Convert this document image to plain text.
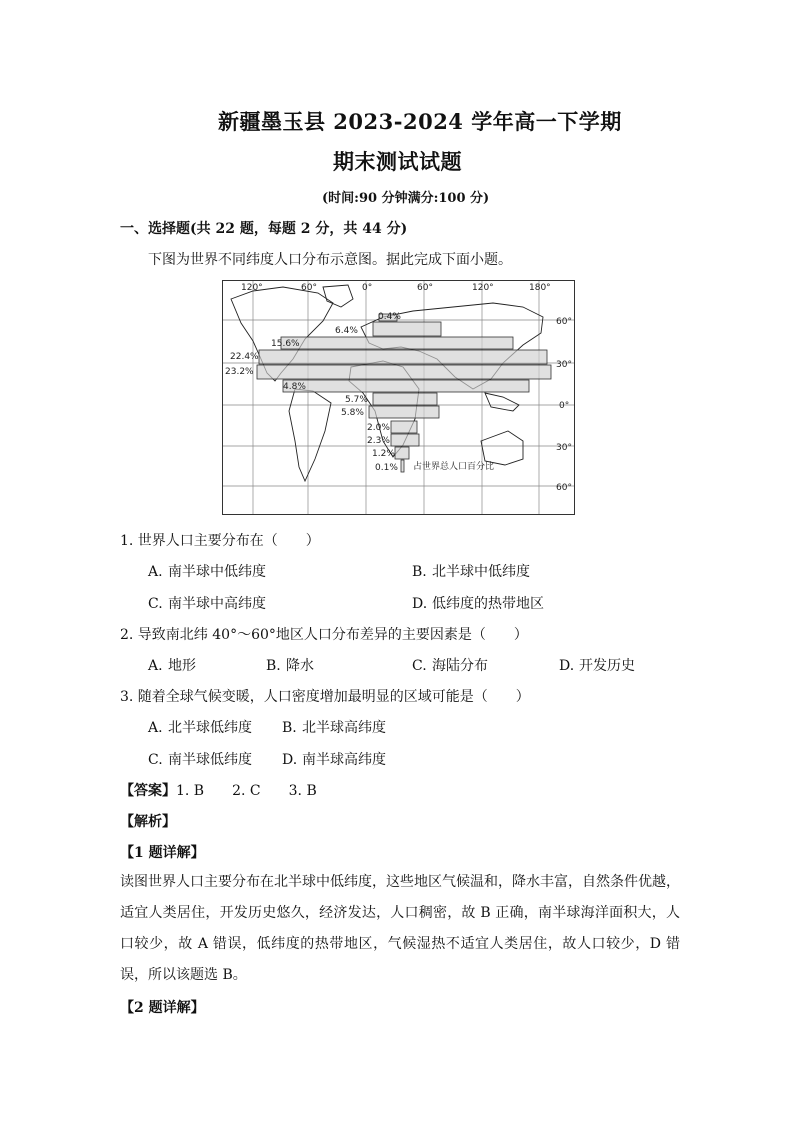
新疆墨玉县 2023-2024 学年高一下学期
期末测试试题
(时间:90 分钟满分:100 分)
一、选择题(共 22 题，每题 2 分，共 44 分)
下图为世界不同纬度人口分布示意图。据此完成下面小题。
120°	60°	0°	60°	120°	180°
60°
30°
0°
30°
60°
0.4%
6.4%
15.6%
22.4%
23.2%
4.8%
5.7%
5.8%
2.0%
2.3%
1.2%
0.1% 占世界总人口百分比
1. 世界人口主要分布在（　　）
A. 南半球中低纬度	B. 北半球中低纬度
C. 南半球中高纬度	D. 低纬度的热带地区
2. 导致南北纬 40°～60°地区人口分布差异的主要因素是（　　）
A. 地形	B. 降水	C. 海陆分布	D. 开发历史
3. 随着全球气候变暖，人口密度增加最明显的区域可能是（　　）
A. 北半球低纬度 B. 北半球高纬度
C. 南半球低纬度 D. 南半球高纬度
【答案】1. B 2. C 3. B
【解析】
【1 题详解】
读图世界人口主要分布在北半球中低纬度，这些地区气候温和，降水丰富，自然条件优越，适宜人类居住，开发历史悠久，经济发达，人口稠密，故 B 正确，南半球海洋面积大，人口较少，故 A 错误，低纬度的热带地区，气候湿热不适宜人类居住，故人口较少，D 错误，所以该题选 B。
【2 题详解】
